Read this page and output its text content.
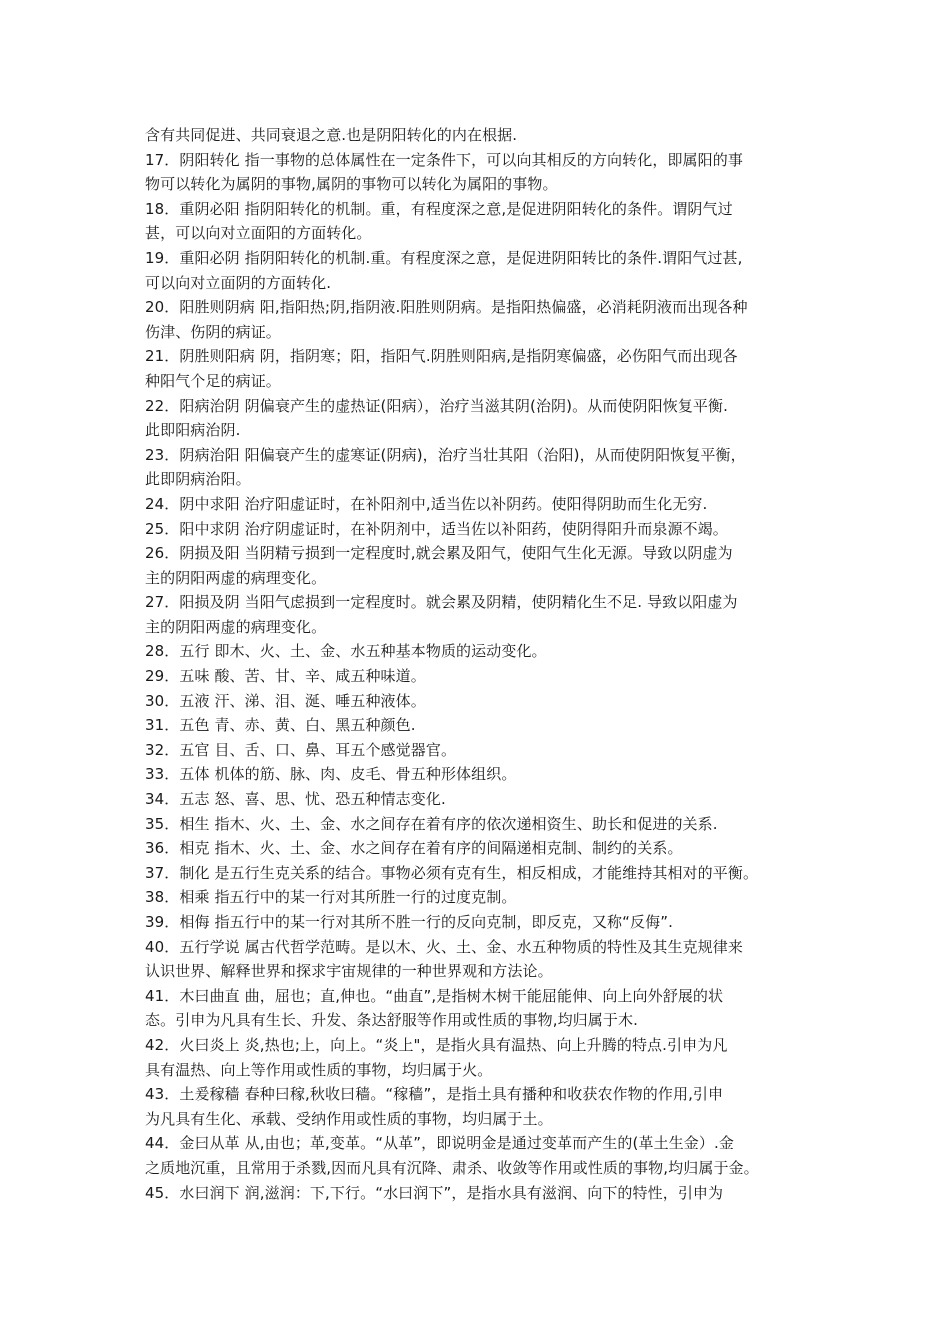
含有共同促进、共同衰退之意.也是阴阳转化的内在根据.
17．阴阳转化 指一事物的总体属性在一定条件下，可以向其相反的方向转化，即属阳的事
物可以转化为属阴的事物,属阴的事物可以转化为属阳的事物。
18．重阴必阳 指阴阳转化的机制。重，有程度深之意,是促进阴阳转化的条件。谓阴气过
甚，可以向对立面阳的方面转化。
19．重阳必阴 指阴阳转化的机制.重。有程度深之意，是促进阴阳转比的条件.谓阳气过甚,
可以向对立面阴的方面转化.
20．阳胜则阴病 阳,指阳热;阴,指阴液.阳胜则阴病。是指阳热偏盛，必消耗阴液而出现各种
伤津、伤阴的病证。
21．阴胜则阳病 阴，指阴寒；阳，指阳气.阴胜则阳病,是指阴寒偏盛，必伤阳气而出现各
种阳气个足的病证。
22．阳病治阴 阴偏衰产生的虚热证(阳病），治疗当滋其阴(治阴)。从而使阴阳恢复平衡.
此即阳病治阴.
23．阴病治阳 阳偏衰产生的虚寒证(阴病)，治疗当壮其阳（治阳)，从而使阴阳恢复平衡，
此即阴病治阳。
24．阴中求阳 治疗阳虚证时，在补阳剂中,适当佐以补阴药。使阳得阴助而生化无穷.
25．阳中求阴 治疗阴虚证时，在补阴剂中，适当佐以补阳药，使阴得阳升而泉源不竭。
26．阴损及阳 当阴精亏损到一定程度时,就会累及阳气，使阳气生化无源。导致以阴虚为
主的阴阳两虚的病理变化。
27．阳损及阴 当阳气虑损到一定程度时。就会累及阴精，使阴精化生不足. 导致以阳虚为
主的阴阳两虚的病理变化。
28．五行 即木、火、土、金、水五种基本物质的运动变化。
29．五味 酸、苦、甘、辛、咸五种味道。
30．五液 汗、涕、泪、涎、唾五种液体。
31．五色 青、赤、黄、白、黑五种颜色.
32．五官 目、舌、口、鼻、耳五个感觉器官。
33．五体 机体的筋、脉、肉、皮毛、骨五种形体组织。
34．五志 怒、喜、思、忧、恐五种情志变化.
35．相生 指木、火、土、金、水之间存在着有序的依次递相资生、助长和促进的关系.
36．相克 指木、火、土、金、水之间存在着有序的间隔递相克制、制约的关系。
37．制化 是五行生克关系的结合。事物必须有克有生，相反相成，才能维持其相对的平衡。
38．相乘 指五行中的某一行对其所胜一行的过度克制。
39．相侮 指五行中的某一行对其所不胜一行的反向克制，即反克，又称“反侮”.
40．五行学说 属古代哲学范畴。是以木、火、土、金、水五种物质的特性及其生克规律来
认识世界、解释世界和探求宇宙规律的一种世界观和方法论。
41．木曰曲直 曲，屈也；直,伸也。“曲直”,是指树木树干能屈能伸、向上向外舒展的状
态。引申为凡具有生长、升发、条达舒服等作用或性质的事物,均归属于木.
42．火曰炎上 炎,热也;上，向上。“炎上"，是指火具有温热、向上升腾的特点.引申为凡
具有温热、向上等作用或性质的事物，均归属于火。
43．土爰稼穑 春种曰稼,秋收曰穑。“稼穑”，是指土具有播种和收获农作物的作用,引申
为凡具有生化、承载、受纳作用或性质的事物，均归属于土。
44．金曰从革 从,由也；革,变革。“从革”，即说明金是通过变革而产生的(革土生金）.金
之质地沉重，且常用于杀戮,因而凡具有沉降、肃杀、收敛等作用或性质的事物,均归属于金。
45．水曰润下 润,滋润：下,下行。“水曰润下”，是指水具有滋润、向下的特性，引申为
